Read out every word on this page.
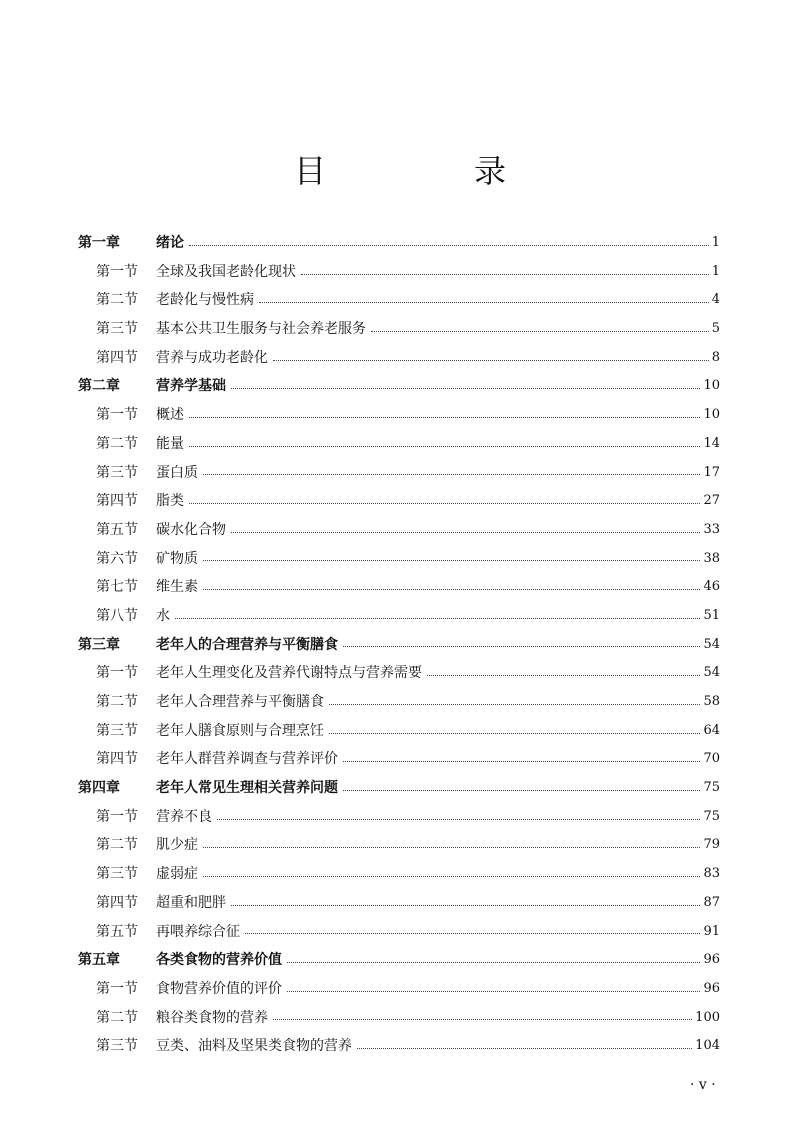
目　录
第一章	绪论	1
第一节	全球及我国老龄化现状	1
第二节	老龄化与慢性病	4
第三节	基本公共卫生服务与社会养老服务	5
第四节	营养与成功老龄化	8
第二章	营养学基础	10
第一节	概述	10
第二节	能量	14
第三节	蛋白质	17
第四节	脂类	27
第五节	碳水化合物	33
第六节	矿物质	38
第七节	维生素	46
第八节	水	51
第三章	老年人的合理营养与平衡膳食	54
第一节	老年人生理变化及营养代谢特点与营养需要	54
第二节	老年人合理营养与平衡膳食	58
第三节	老年人膳食原则与合理烹饪	64
第四节	老年人群营养调查与营养评价	70
第四章	老年人常见生理相关营养问题	75
第一节	营养不良	75
第二节	肌少症	79
第三节	虚弱症	83
第四节	超重和肥胖	87
第五节	再喂养综合征	91
第五章	各类食物的营养价值	96
第一节	食物营养价值的评价	96
第二节	粮谷类食物的营养	100
第三节	豆类、油料及坚果类食物的营养	104
· v ·
